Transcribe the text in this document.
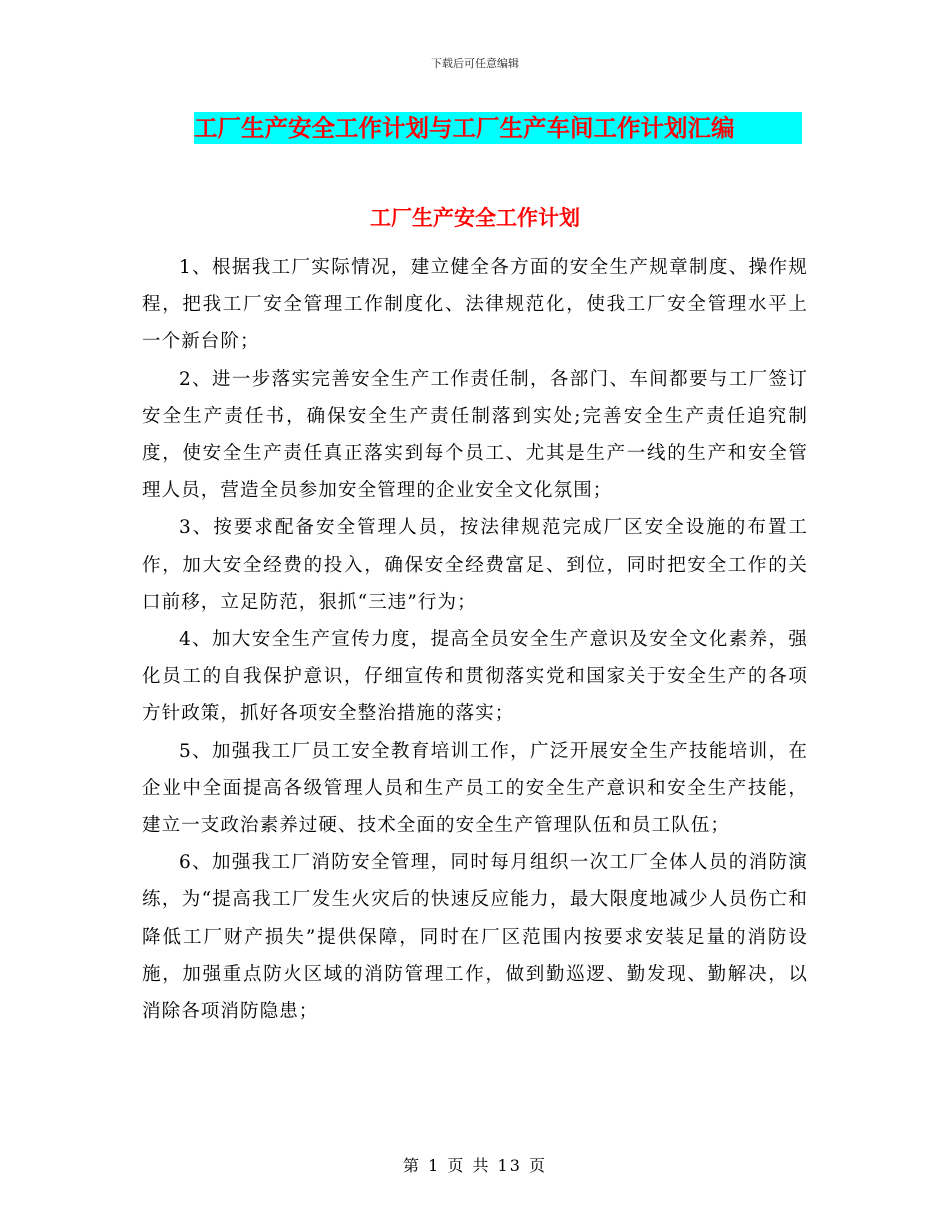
下载后可任意编辑
工厂生产安全工作计划与工厂生产车间工作计划汇编
工厂生产安全工作计划

1、根据我工厂实际情况，建立健全各方面的安全生产规章制度、操作规程，把我工厂安全管理工作制度化、法律规范化，使我工厂安全管理水平上一个新台阶；

2、进一步落实完善安全生产工作责任制，各部门、车间都要与工厂签订安全生产责任书，确保安全生产责任制落到实处;完善安全生产责任追究制度，使安全生产责任真正落实到每个员工、尤其是生产一线的生产和安全管理人员，营造全员参加安全管理的企业安全文化氛围；

3、按要求配备安全管理人员，按法律规范完成厂区安全设施的布置工作，加大安全经费的投入，确保安全经费富足、到位，同时把安全工作的关口前移，立足防范，狠抓“三违”行为；

4、加大安全生产宣传力度，提高全员安全生产意识及安全文化素养，强化员工的自我保护意识，仔细宣传和贯彻落实党和国家关于安全生产的各项方针政策，抓好各项安全整治措施的落实；

5、加强我工厂员工安全教育培训工作，广泛开展安全生产技能培训，在企业中全面提高各级管理人员和生产员工的安全生产意识和安全生产技能，建立一支政治素养过硬、技术全面的安全生产管理队伍和员工队伍；

6、加强我工厂消防安全管理，同时每月组织一次工厂全体人员的消防演练，为“提高我工厂发生火灾后的快速反应能力，最大限度地减少人员伤亡和降低工厂财产损失”提供保障，同时在厂区范围内按要求安装足量的消防设施，加强重点防火区域的消防管理工作，做到勤巡逻、勤发现、勤解决，以消除各项消防隐患；

第 1 页 共 13 页
